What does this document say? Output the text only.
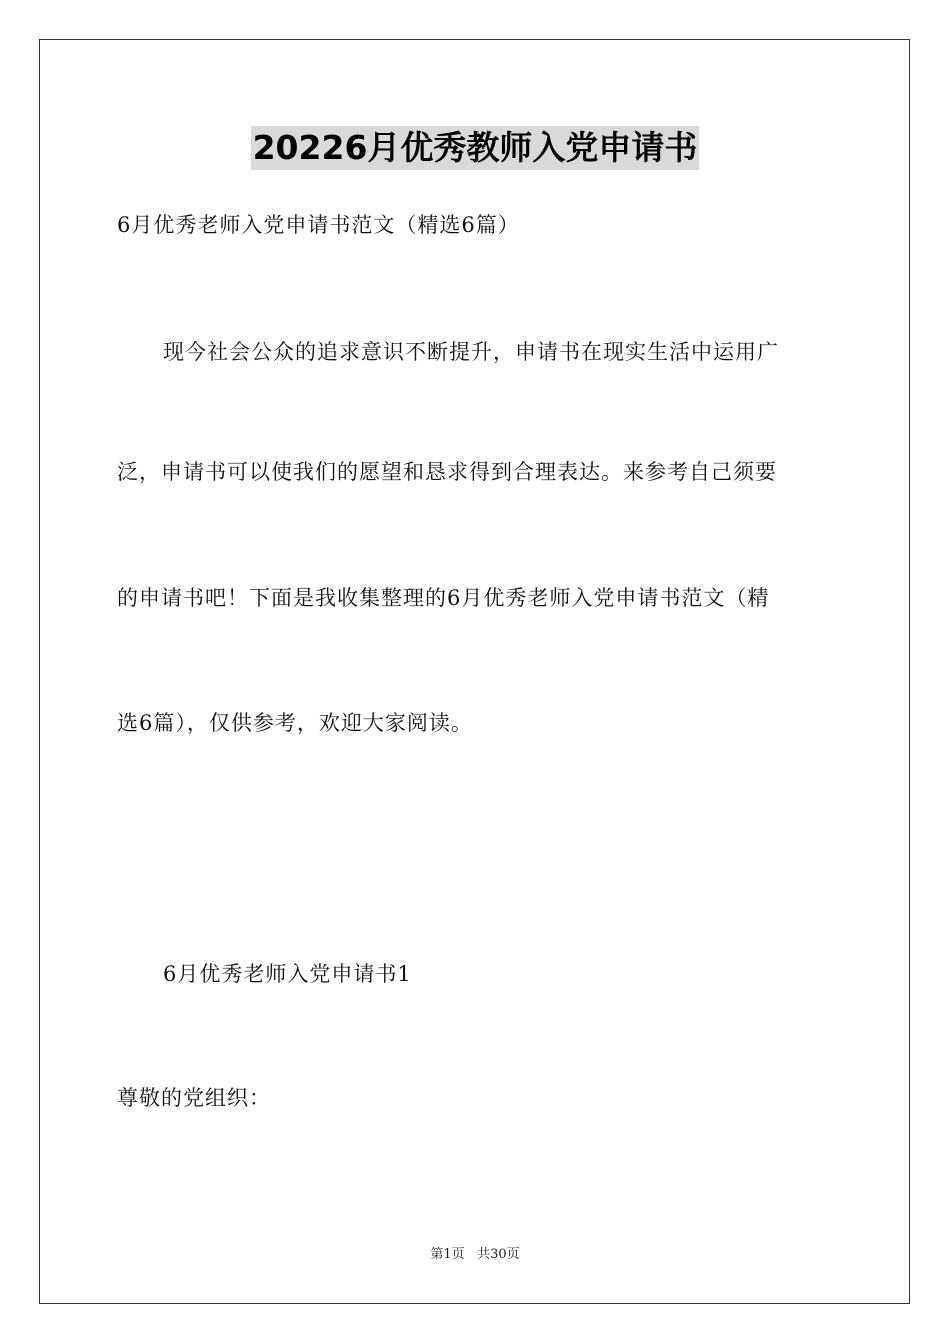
20226月优秀教师入党申请书
6月优秀老师入党申请书范文（精选6篇）
现今社会公众的追求意识不断提升，申请书在现实生活中运用广
泛，申请书可以使我们的愿望和恳求得到合理表达。来参考自己须要
的申请书吧！下面是我收集整理的6月优秀老师入党申请书范文（精
选6篇），仅供参考，欢迎大家阅读。
6月优秀老师入党申请书1
尊敬的党组织：
第1页 共30页
